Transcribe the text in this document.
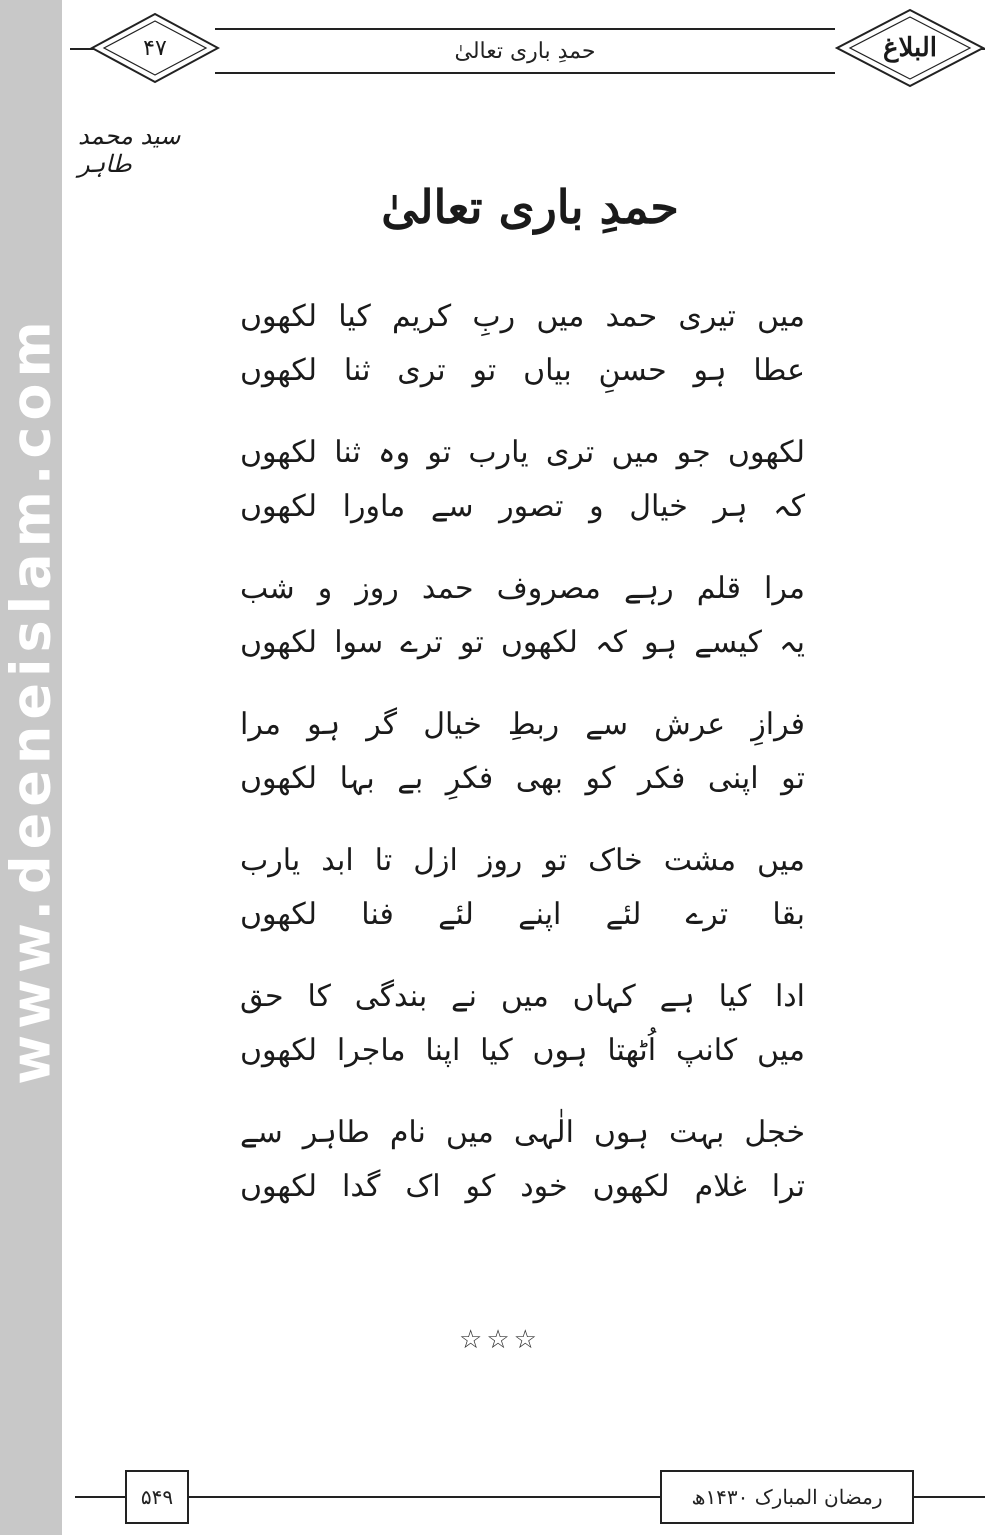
www.deeneislam.com
حمدِ باری تعالیٰ
۴۷	البلاغ
سید محمد طاہر
حمدِ باری تعالیٰ
میں تیری حمد میں ربِ کریم کیا لکھوں
عطا ہو حسنِ بیاں تو تری ثنا لکھوں
لکھوں جو میں تری یارب تو وہ ثنا لکھوں
کہ ہر خیال و تصور سے ماورا لکھوں
مرا قلم رہے مصروف حمد روز و شب
یہ کیسے ہو کہ لکھوں تو ترے سوا لکھوں
فرازِ عرش سے ربطِ خیال گر ہو مرا
تو اپنی فکر کو بھی فکرِ بے بہا لکھوں
میں مشت خاک تو روز ازل تا ابد یارب
بقا ترے لئے اپنے لئے فنا لکھوں
ادا کیا ہے کہاں میں نے بندگی کا حق
میں کانپ اُٹھتا ہوں کیا اپنا ماجرا لکھوں
خجل بہت ہوں الٰہی میں نام طاہر سے
ترا غلام لکھوں خود کو اک گدا لکھوں
☆☆☆
۵۴۹	رمضان المبارک ۱۴۳۰ھ
